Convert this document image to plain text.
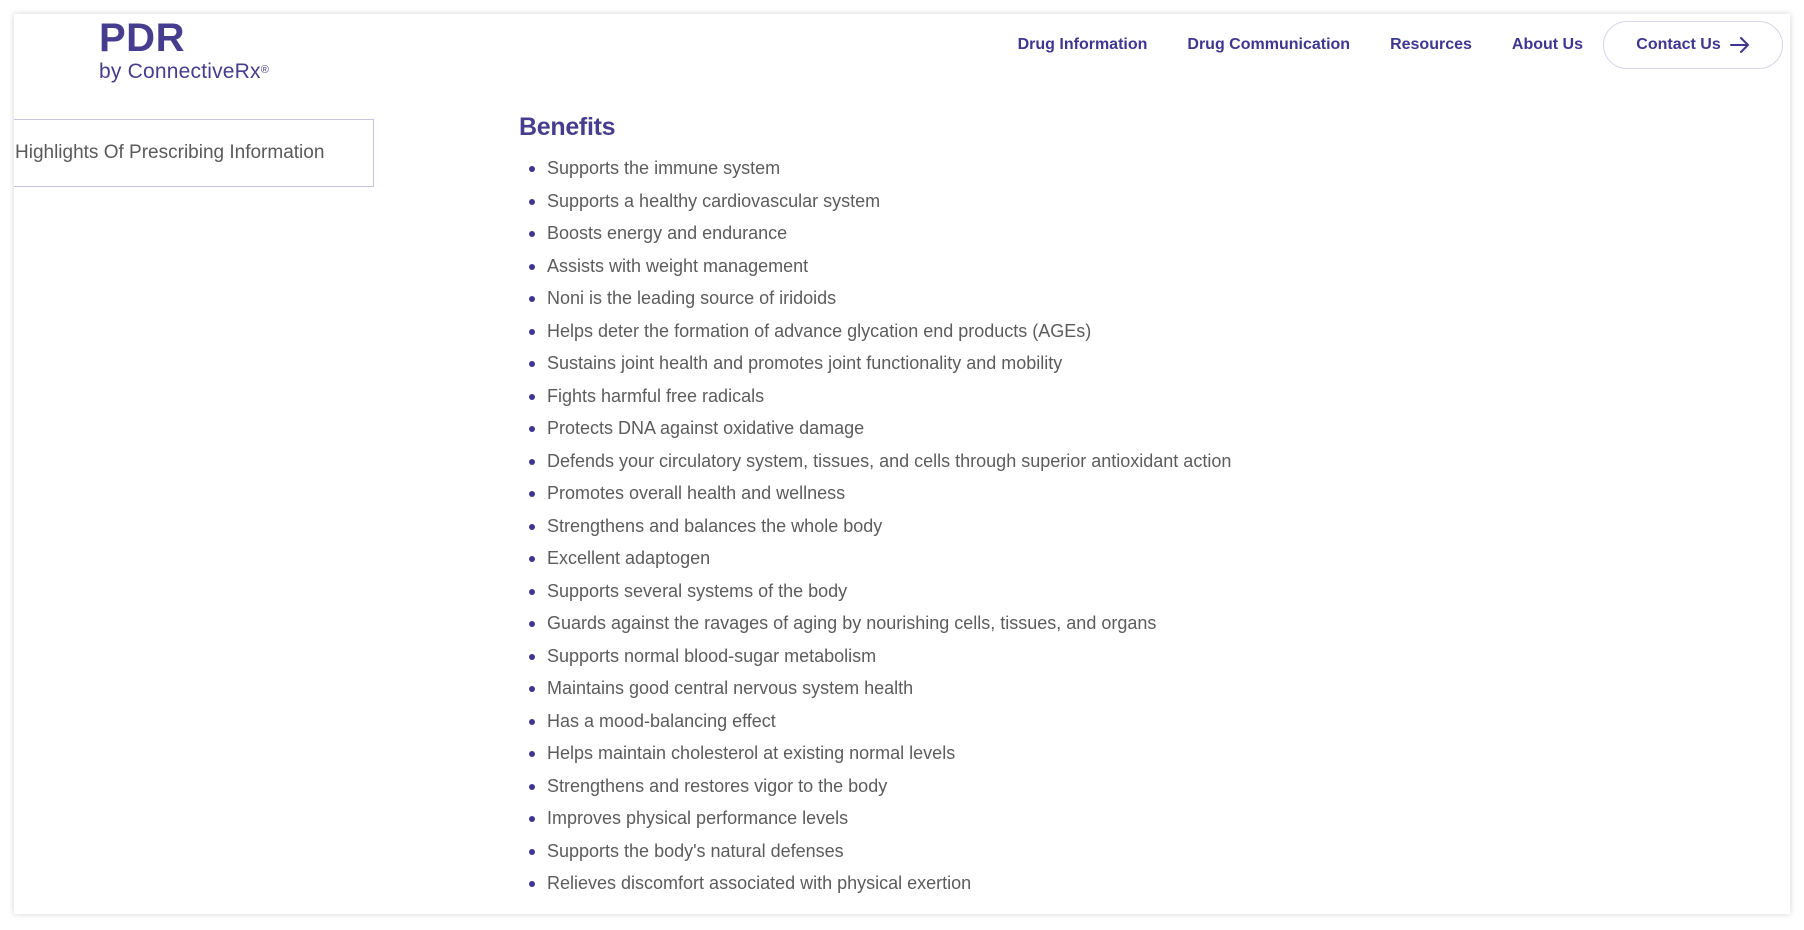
PDR
by ConnectiveRx®
Drug Information	Drug Communication	Resources	About Us	Contact Us
Highlights Of Prescribing Information
Benefits
Supports the immune system
Supports a healthy cardiovascular system
Boosts energy and endurance
Assists with weight management
Noni is the leading source of iridoids
Helps deter the formation of advance glycation end products (AGEs)
Sustains joint health and promotes joint functionality and mobility
Fights harmful free radicals
Protects DNA against oxidative damage
Defends your circulatory system, tissues, and cells through superior antioxidant action
Promotes overall health and wellness
Strengthens and balances the whole body
Excellent adaptogen
Supports several systems of the body
Guards against the ravages of aging by nourishing cells, tissues, and organs
Supports normal blood-sugar metabolism
Maintains good central nervous system health
Has a mood-balancing effect
Helps maintain cholesterol at existing normal levels
Strengthens and restores vigor to the body
Improves physical performance levels
Supports the body's natural defenses
Relieves discomfort associated with physical exertion
